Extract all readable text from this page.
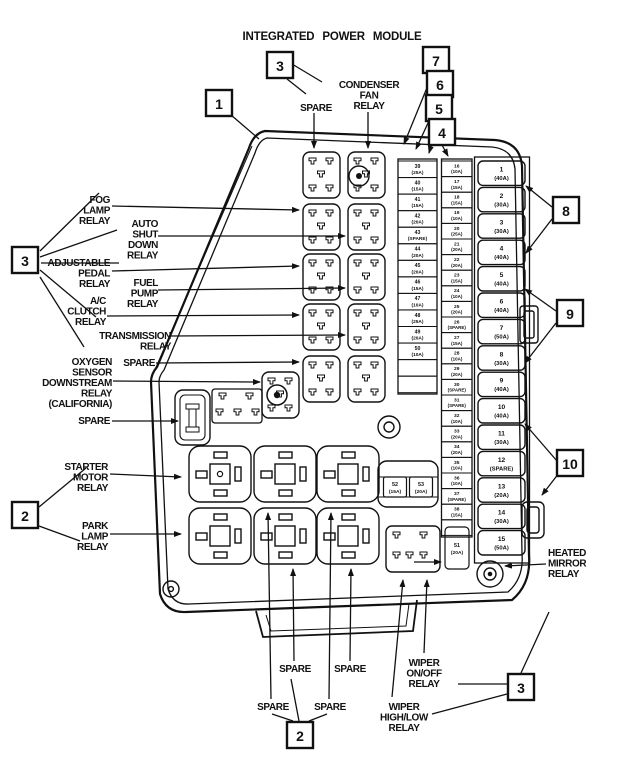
INTEGRATED POWER MODULE
SPARE
CONDENSER FAN RELAY
FOG LAMP RELAY	AUTO SHUT DOWN RELAY
ADJUSTABLE PEDAL RELAY	FUEL PUMP RELAY
A/C CLUTCH RELAY
TRANSMISSION RELAY
SPARE
OXYGEN SENSOR DOWNSTREAM RELAY (CALIFORNIA)
SPARE
STARTER MOTOR RELAY
PARK LAMP RELAY
SPARE SPARE
SPARE	SPARE
WIPER ON/OFF RELAY
WIPER HIGH/LOW RELAY
HEATED MIRROR RELAY
1
3	7
6
5
4
3
2
8
9
10
2
3
39
(25A)
40
(15A)
41
(15A)
42
(20A)
43
(SPARE)
44
(20A)
45
(20A)
46
(15A)
47
(10A)
48
(25A)
49
(20A)
50
(10A)
16
(10A)
17
(15A)
18
(15A)
19
(10A)
20
(25A)
21
(20A)
22
(20A)
23
(15A)
24
(10A)
25
(20A)
26
(SPARE)
27
(15A)
28
(10A)
29
(20A)
30
(SPARE)
31
(SPARE)
32
(10A)
33
(20A)
34
(20A)
35
(10A)
36
(10A)
37
(SPARE)
38
(15A)
1
(40A)
2
(30A)
3
(30A)
4
(40A)
5
(40A)
6
(40A)
7
(50A)
8
(30A)
9
(40A)
10
(40A)
11
(30A)
12
(SPARE)
13
(20A)
14
(30A)
15
(50A)
51
(20A)
52
(15A)
53
(20A)
